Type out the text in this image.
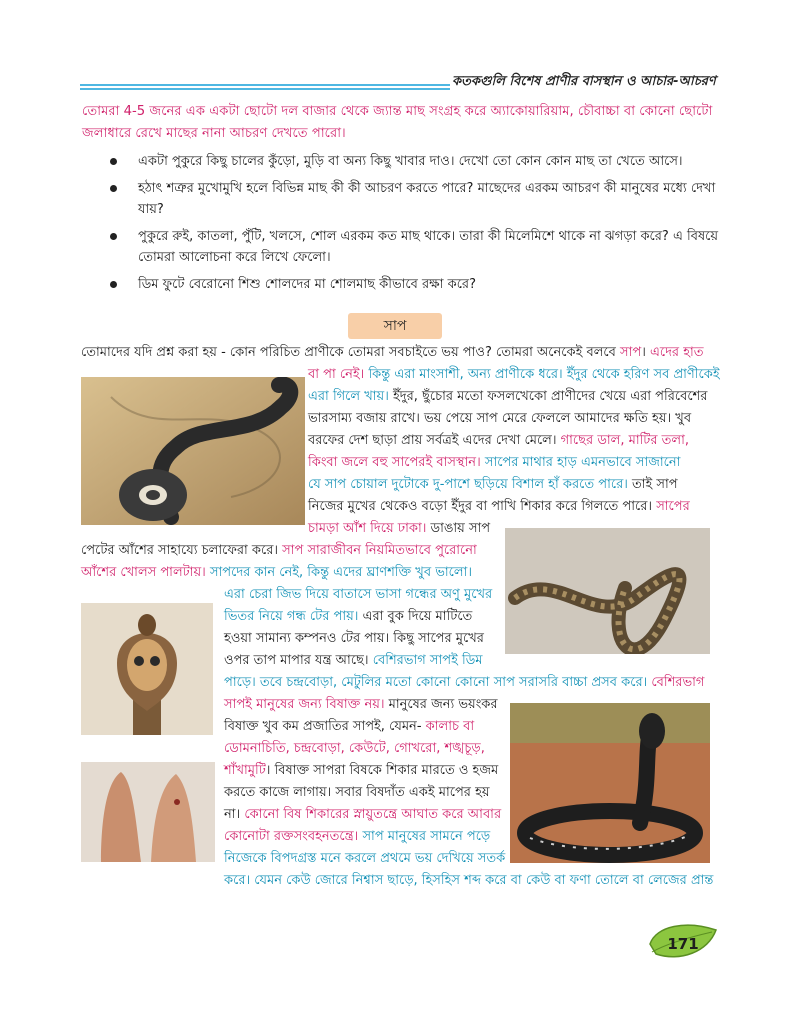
কতকগুলি বিশেষ প্রাণীর বাসস্থান ও আচার-আচরণ
তোমরা 4-5 জনের এক একটা ছোটো দল বাজার থেকে জ্যান্ত মাছ সংগ্রহ করে অ্যাকোয়ারিয়াম, চৌবাচ্চা বা কোনো ছোটো জলাধারে রেখে মাছের নানা আচরণ দেখতে পারো।
একটা পুকুরে কিছু চালের কুঁড়ো, মুড়ি বা অন্য কিছু খাবার দাও। দেখো তো কোন কোন মাছ তা খেতে আসে।
হঠাৎ শত্রুর মুখোমুখি হলে বিভিন্ন মাছ কী কী আচরণ করতে পারে? মাছেদের এরকম আচরণ কী মানুষের মধ্যে দেখা যায়?
পুকুরে রুই, কাতলা, পুঁটি, খলসে, শোল এরকম কত মাছ থাকে। তারা কী মিলেমিশে থাকে না ঝগড়া করে? এ বিষয়ে তোমরা আলোচনা করে লিখে ফেলো।
ডিম ফুটে বেরোনো শিশু শোলদের মা শোলমাছ কীভাবে রক্ষা করে?
সাপ
তোমাদের যদি প্রশ্ন করা হয় - কোন পরিচিত প্রাণীকে তোমরা সবচাইতে ভয় পাও? তোমরা অনেকেই বলবে সাপ। এদের হাত
বা পা নেই। কিন্তু এরা মাংসাশী, অন্য প্রাণীকে ধরে। ইঁদুর থেকে হরিণ সব প্রাণীকেই
এরা গিলে খায়। ইঁদুর, ছুঁচোর মতো ফসলখেকো প্রাণীদের খেয়ে এরা পরিবেশের
ভারসাম্য বজায় রাখে। ভয় পেয়ে সাপ মেরে ফেললে আমাদের ক্ষতি হয়। খুব
বরফের দেশ ছাড়া প্রায় সর্বত্রই এদের দেখা মেলে। গাছের ডাল, মাটির তলা,
কিংবা জলে বহু সাপেরই বাসস্থান। সাপের মাথার হাড় এমনভাবে সাজানো
যে সাপ চোয়াল দুটোকে দু-পাশে ছড়িয়ে বিশাল হাঁ করতে পারে। তাই সাপ
নিজের মুখের থেকেও বড়ো ইঁদুর বা পাখি শিকার করে গিলতে পারে। সাপের
চামড়া আঁশ দিয়ে ঢাকা। ডাঙায় সাপ
পেটের আঁশের সাহায্যে চলাফেরা করে। সাপ সারাজীবন নিয়মিতভাবে পুরোনো
আঁশের খোলস পালটায়। সাপদের কান নেই, কিন্তু এদের ঘ্রাণশক্তি খুব ভালো।
এরা চেরা জিভ দিয়ে বাতাসে ভাসা গন্ধের অণু মুখের
ভিতর নিয়ে গন্ধ টের পায়। এরা বুক দিয়ে মাটিতে
হওয়া সামান্য কম্পনও টের পায়। কিছু সাপের মুখের
ওপর তাপ মাপার যন্ত্র আছে। বেশিরভাগ সাপই ডিম
পাড়ে। তবে চন্দ্রবোড়া, মেটুলির মতো কোনো কোনো সাপ সরাসরি বাচ্চা প্রসব করে। বেশিরভাগ
সাপই মানুষের জন্য বিষাক্ত নয়। মানুষের জন্য ভয়ংকর
বিষাক্ত খুব কম প্রজাতির সাপই, যেমন- কালাচ বা
ডোমনাচিতি, চন্দ্রবোড়া, কেউটে, গোখরো, শঙ্খচূড়,
শাঁখামুটি। বিষাক্ত সাপরা বিষকে শিকার মারতে ও হজম
করতে কাজে লাগায়। সবার বিষদাঁত একই মাপের হয়
না। কোনো বিষ শিকারের স্নায়ুতন্ত্রে আঘাত করে আবার
কোনোটা রক্তসংবহনতন্ত্রে। সাপ মানুষের সামনে পড়ে
নিজেকে বিপদগ্রস্ত মনে করলে প্রথমে ভয় দেখিয়ে সতর্ক
করে। যেমন কেউ জোরে নিশ্বাস ছাড়ে, হিসহিস শব্দ করে বা কেউ বা ফণা তোলে বা লেজের প্রান্ত
171
